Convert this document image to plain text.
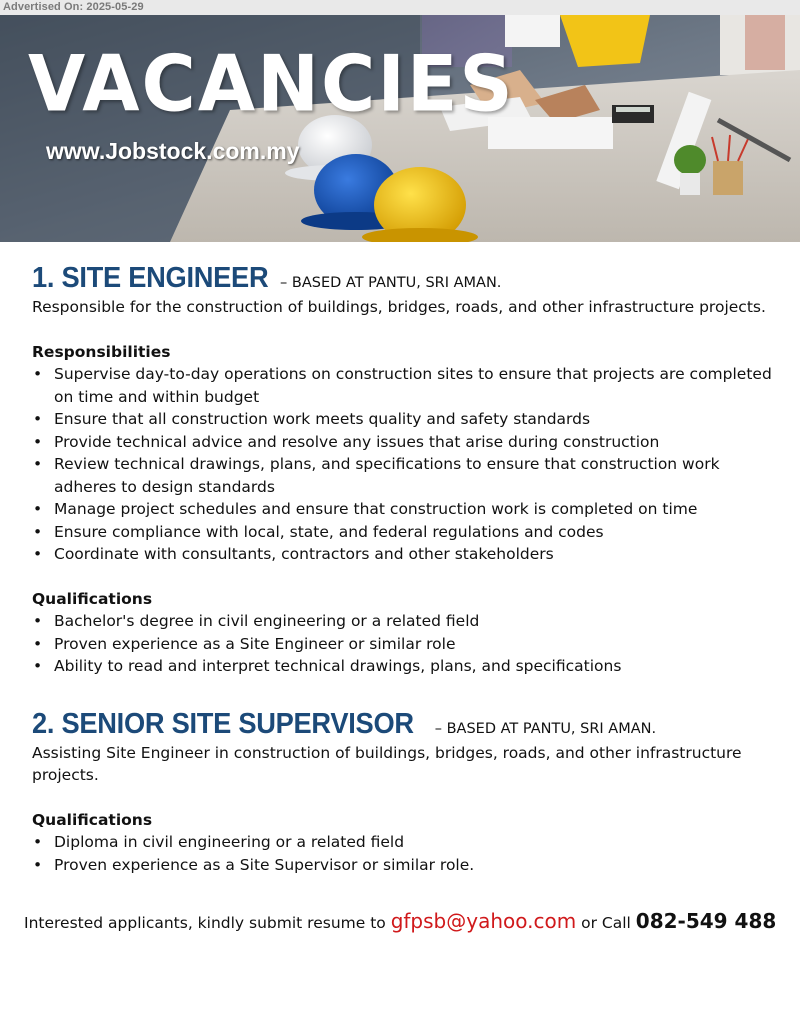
Advertised On: 2025-05-29
VACANCIES
www.Jobstock.com.my
1. SITE ENGINEER – BASED AT PANTU, SRI AMAN.
Responsible for the construction of buildings, bridges, roads, and other infrastructure projects.
Responsibilities
• Supervise day-to-day operations on construction sites to ensure that projects are completed on time and within budget
• Ensure that all construction work meets quality and safety standards
• Provide technical advice and resolve any issues that arise during construction
• Review technical drawings, plans, and specifications to ensure that construction work adheres to design standards
• Manage project schedules and ensure that construction work is completed on time
• Ensure compliance with local, state, and federal regulations and codes
• Coordinate with consultants, contractors and other stakeholders
Qualifications
• Bachelor's degree in civil engineering or a related field
• Proven experience as a Site Engineer or similar role
• Ability to read and interpret technical drawings, plans, and specifications
2. SENIOR SITE SUPERVISOR – BASED AT PANTU, SRI AMAN.
Assisting Site Engineer in construction of buildings, bridges, roads, and other infrastructure projects.
Qualifications
• Diploma in civil engineering or a related field
• Proven experience as a Site Supervisor or similar role.
Interested applicants, kindly submit resume to gfpsb@yahoo.com or Call 082-549 488
